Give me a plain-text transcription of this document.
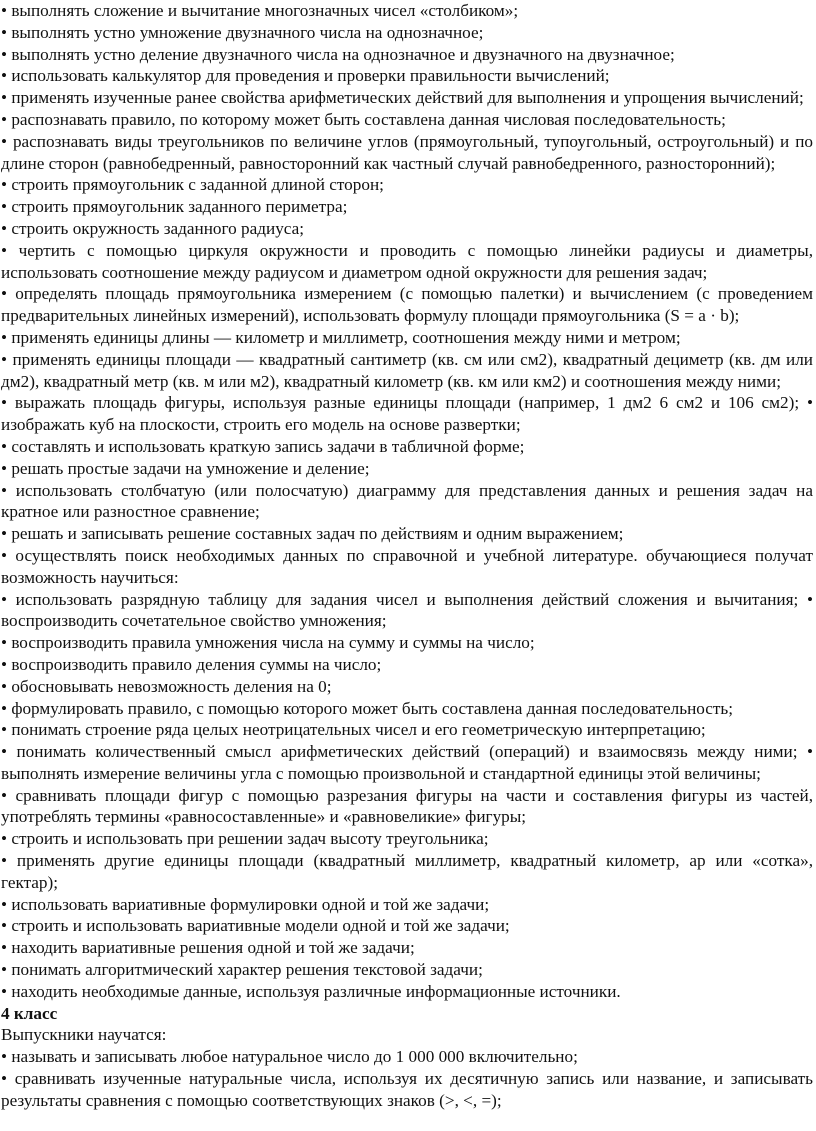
• выполнять сложение и вычитание многозначных чисел «столбиком»;

• выполнять устно умножение двузначного числа на однозначное;

• выполнять устно деление двузначного числа на однозначное и двузначного на двузначное;

• использовать калькулятор для проведения и проверки правильности вычислений;

• применять изученные ранее свойства арифметических действий для выполнения и упрощения вычислений;

• распознавать правило, по которому может быть составлена данная числовая последовательность;

• распознавать виды треугольников по величине углов (прямоугольный, тупоугольный, остроугольный) и по длине сторон (равнобедренный, равносторонний как частный случай равнобедренного, разносторонний);

• строить прямоугольник с заданной длиной сторон;

• строить прямоугольник заданного периметра;

• строить окружность заданного радиуса;

• чертить с помощью циркуля окружности и проводить с помощью линейки радиусы и диаметры, использовать соотношение между радиусом и диаметром одной окружности для решения задач;

• определять площадь прямоугольника измерением (с помощью палетки) и вычислением (с проведением предварительных линейных измерений), использовать формулу площади прямоугольника (S = a · b);

• применять единицы длины — километр и миллиметр, соотношения между ними и метром;

• применять единицы площади — квадратный сантиметр (кв. см или см2), квадратный дециметр (кв. дм или дм2), квадратный метр (кв. м или м2), квадратный километр (кв. км или км2) и соотношения между ними;

• выражать площадь фигуры, используя разные единицы площади (например, 1 дм2 6 см2 и 106 см2); • изображать куб на плоскости, строить его модель на основе развертки;

• составлять и использовать краткую запись задачи в табличной форме;

• решать простые задачи на умножение и деление;

• использовать столбчатую (или полосчатую) диаграмму для представления данных и решения задач на кратное или разностное сравнение;

• решать и записывать решение составных задач по действиям и одним выражением;

• осуществлять поиск необходимых данных по справочной и учебной литературе. обучающиеся получат возможность научиться:

• использовать разрядную таблицу для задания чисел и выполнения действий сложения и вычитания; • воспроизводить сочетательное свойство умножения;

• воспроизводить правила умножения числа на сумму и суммы на число;

• воспроизводить правило деления суммы на число;

• обосновывать невозможность деления на 0;

• формулировать правило, с помощью которого может быть составлена данная последовательность;

• понимать строение ряда целых неотрицательных чисел и его геометрическую интерпретацию;

• понимать количественный смысл арифметических действий (операций) и взаимосвязь между ними; • выполнять измерение величины угла с помощью произвольной и стандартной единицы этой величины;

• сравнивать площади фигур с помощью разрезания фигуры на части и составления фигуры из частей, употреблять термины «равносоставленные» и «равновеликие» фигуры;

• строить и использовать при решении задач высоту треугольника;

• применять другие единицы площади (квадратный миллиметр, квадратный километр, ар или «сотка», гектар);

• использовать вариативные формулировки одной и той же задачи;

• строить и использовать вариативные модели одной и той же задачи;

• находить вариативные решения одной и той же задачи;

• понимать алгоритмический характер решения текстовой задачи;

• находить необходимые данные, используя различные информационные источники.

4 класс

Выпускники научатся:

• называть и записывать любое натуральное число до 1 000 000 включительно;

• сравнивать изученные натуральные числа, используя их десятичную запись или название, и записывать результаты сравнения с помощью соответствующих знаков (>, <, =);
